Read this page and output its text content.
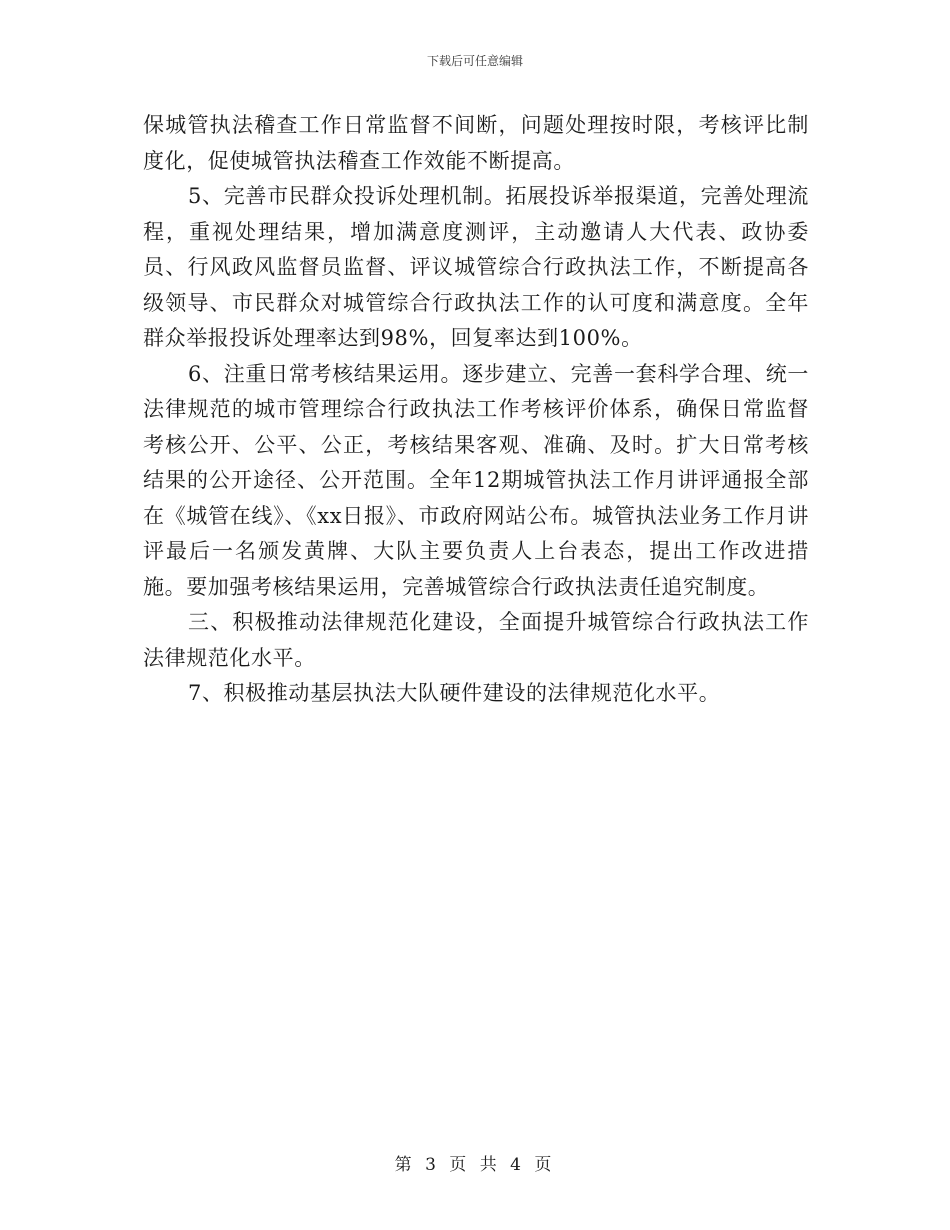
下载后可任意编辑

保城管执法稽查工作日常监督不间断，问题处理按时限，考核评比制度化，促使城管执法稽查工作效能不断提高。

5、完善市民群众投诉处理机制。拓展投诉举报渠道，完善处理流程，重视处理结果，增加满意度测评，主动邀请人大代表、政协委员、行风政风监督员监督、评议城管综合行政执法工作，不断提高各级领导、市民群众对城管综合行政执法工作的认可度和满意度。全年群众举报投诉处理率达到98%，回复率达到100%。

6、注重日常考核结果运用。逐步建立、完善一套科学合理、统一法律规范的城市管理综合行政执法工作考核评价体系，确保日常监督考核公开、公平、公正，考核结果客观、准确、及时。扩大日常考核结果的公开途径、公开范围。全年12期城管执法工作月讲评通报全部在《城管在线》、《xx日报》、市政府网站公布。城管执法业务工作月讲评最后一名颁发黄牌、大队主要负责人上台表态，提出工作改进措施。要加强考核结果运用，完善城管综合行政执法责任追究制度。

三、积极推动法律规范化建设，全面提升城管综合行政执法工作法律规范化水平。

7、积极推动基层执法大队硬件建设的法律规范化水平。

第 3 页 共 4 页
